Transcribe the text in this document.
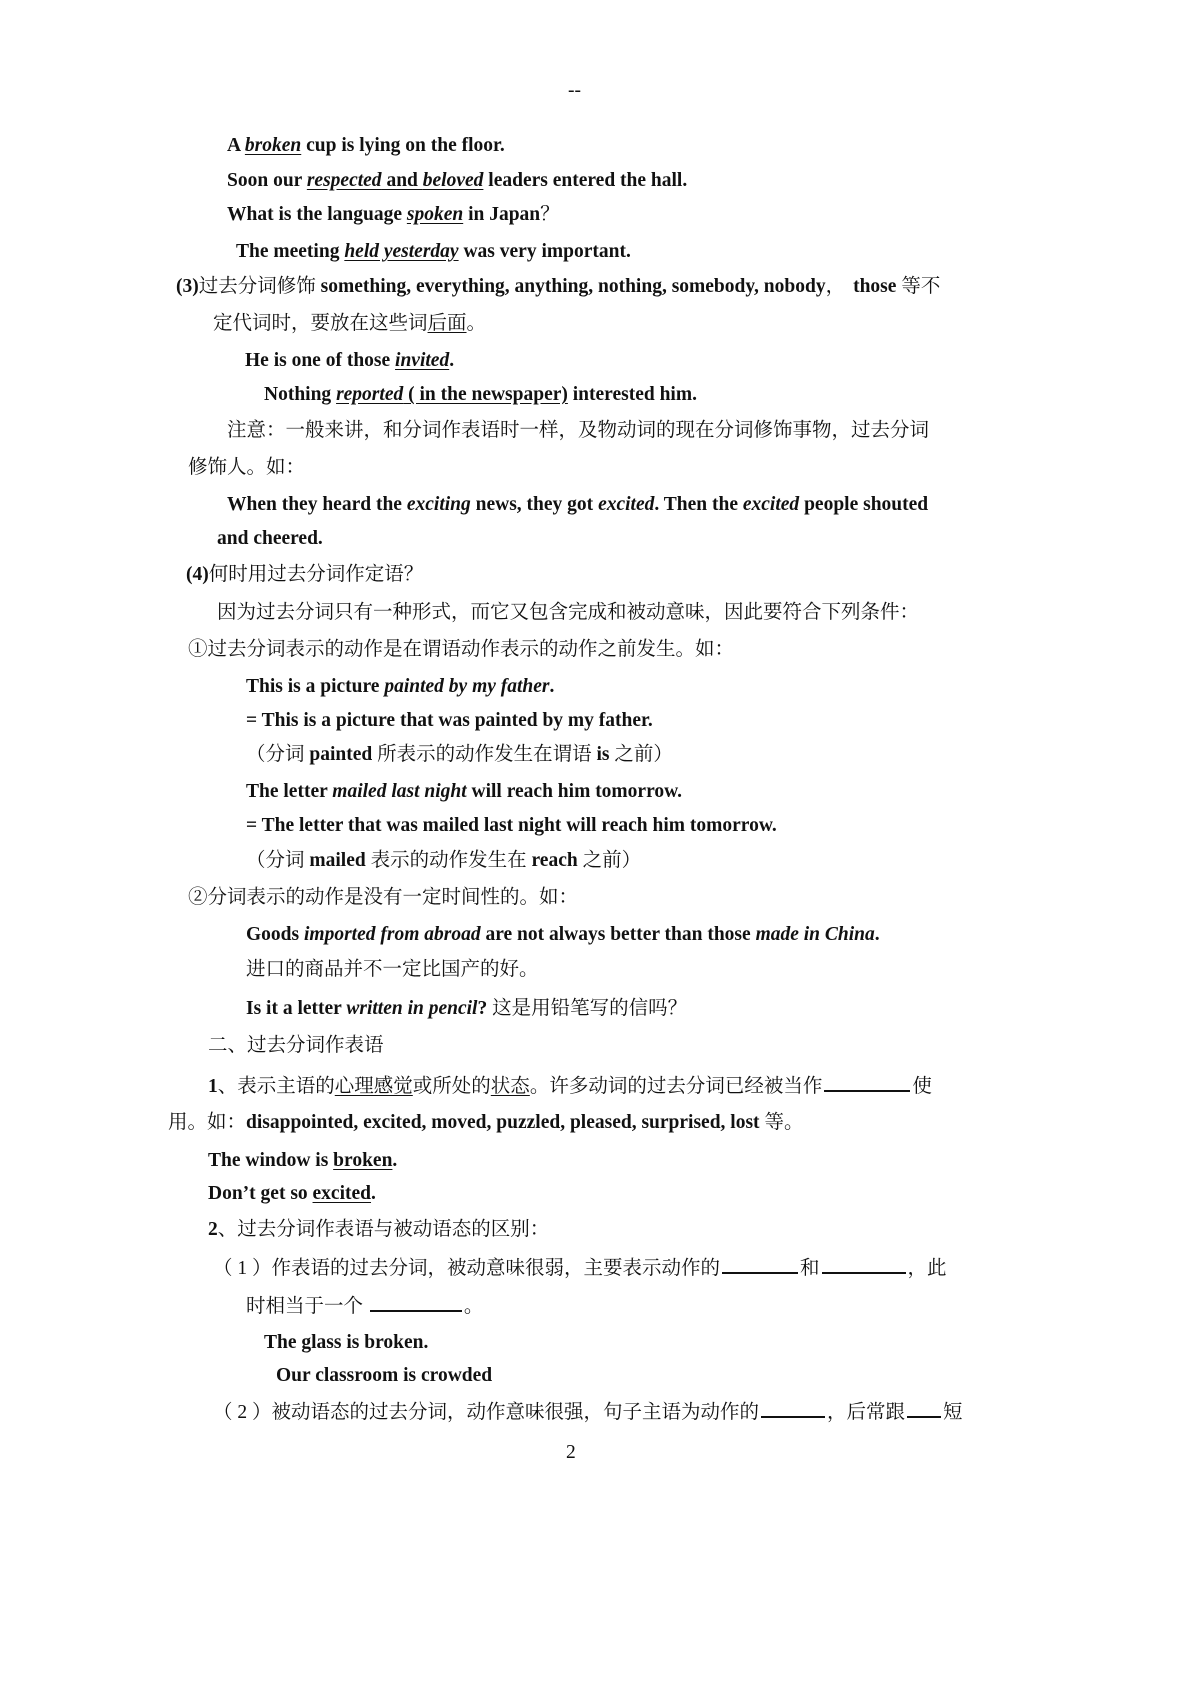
--
A broken cup is lying on the floor.
Soon our respected and beloved leaders entered the hall.
What is the language spoken in Japan？
The meeting held yesterday was very important.
(3)过去分词修饰 something, everything, anything, nothing, somebody, nobody， those 等不
定代词时，要放在这些词后面。
He is one of those invited.
Nothing reported ( in the newspaper) interested him.
注意：一般来讲，和分词作表语时一样，及物动词的现在分词修饰事物，过去分词
修饰人。如：
When they heard the exciting news, they got excited. Then the excited people shouted
and cheered.
(4)何时用过去分词作定语？
因为过去分词只有一种形式，而它又包含完成和被动意味，因此要符合下列条件：
①过去分词表示的动作是在谓语动作表示的动作之前发生。如：
This is a picture painted by my father.
= This is a picture that was painted by my father.
（分词 painted 所表示的动作发生在谓语 is 之前）
The letter mailed last night will reach him tomorrow.
= The letter that was mailed last night will reach him tomorrow.
（分词 mailed 表示的动作发生在 reach 之前）
②分词表示的动作是没有一定时间性的。如：
Goods imported from abroad are not always better than those made in China.
进口的商品并不一定比国产的好。
Is it a letter written in pencil? 这是用铅笔写的信吗？
二、过去分词作表语
1、表示主语的心理感觉或所处的状态。许多动词的过去分词已经被当作	使
用。如：disappointed, excited, moved, puzzled, pleased, surprised, lost 等。
The window is broken.
Don’t get so excited.
2、过去分词作表语与被动语态的区别：
（ 1 ）作表语的过去分词，被动意味很弱，主要表示动作的	和	，此
时相当于一个	。
The glass is broken.
Our classroom is crowded
（ 2 ）被动语态的过去分词，动作意味很强，句子主语为动作的	，后常跟 短
2
